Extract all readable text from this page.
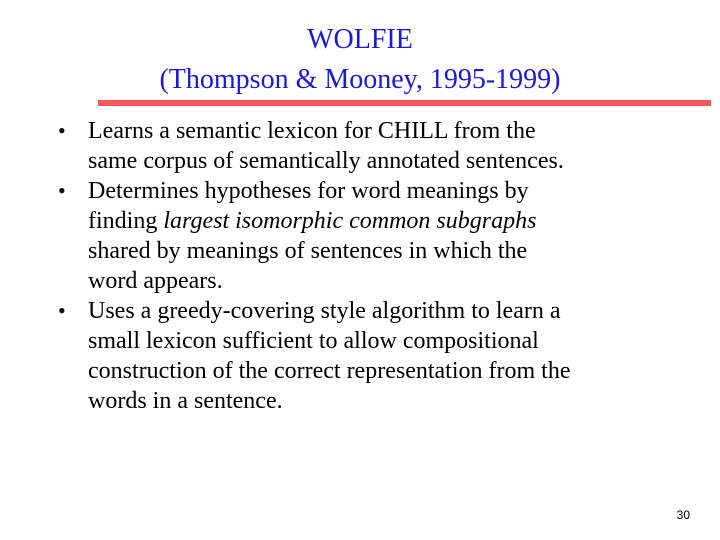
WOLFIE
(Thompson & Mooney, 1995-1999)
• Learns a semantic lexicon for CHILL from the
same corpus of semantically annotated sentences.
• Determines hypotheses for word meanings by
finding largest isomorphic common subgraphs
shared by meanings of sentences in which the
word appears.
• Uses a greedy-covering style algorithm to learn a
small lexicon sufficient to allow compositional
construction of the correct representation from the
words in a sentence.
30
